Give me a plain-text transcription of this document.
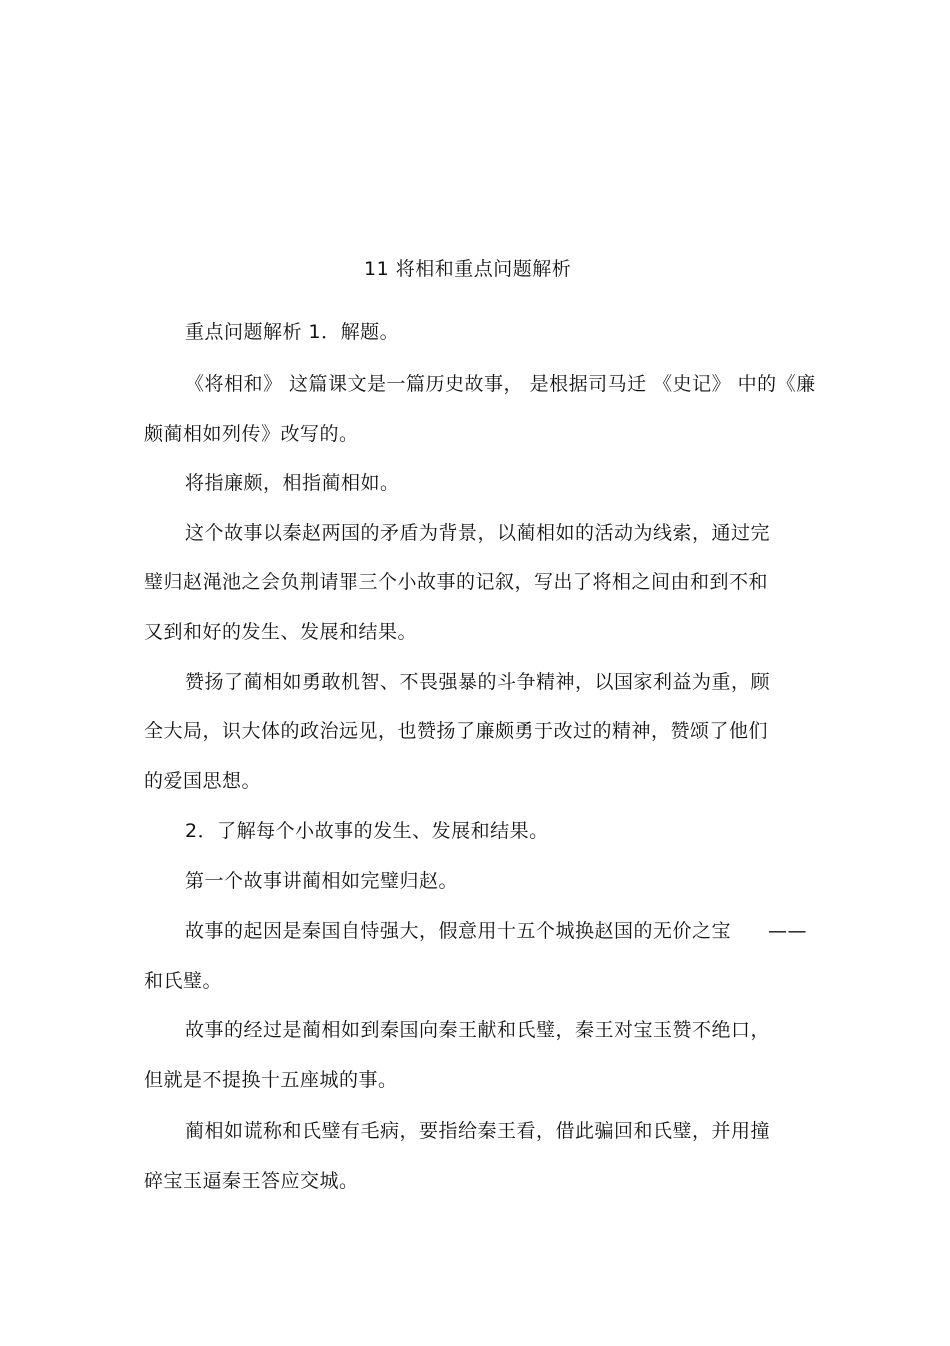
11 将相和重点问题解析
重点问题解析 1．解题。
《将相和》 这篇课文是一篇历史故事， 是根据司马迁 《史记》 中的《廉
颇蔺相如列传》改写的。
将指廉颇，相指蔺相如。
这个故事以秦赵两国的矛盾为背景，以蔺相如的活动为线索，通过完
璧归赵渑池之会负荆请罪三个小故事的记叙，写出了将相之间由和到不和
又到和好的发生、发展和结果。
赞扬了蔺相如勇敢机智、不畏强暴的斗争精神，以国家利益为重，顾
全大局，识大体的政治远见，也赞扬了廉颇勇于改过的精神，赞颂了他们
的爱国思想。
2．了解每个小故事的发生、发展和结果。
第一个故事讲蔺相如完璧归赵。
故事的起因是秦国自恃强大，假意用十五个城换赵国的无价之宝 ——
和氏璧。
故事的经过是蔺相如到秦国向秦王献和氏璧，秦王对宝玉赞不绝口，
但就是不提换十五座城的事。
蔺相如谎称和氏璧有毛病，要指给秦王看，借此骗回和氏璧，并用撞
碎宝玉逼秦王答应交城。
